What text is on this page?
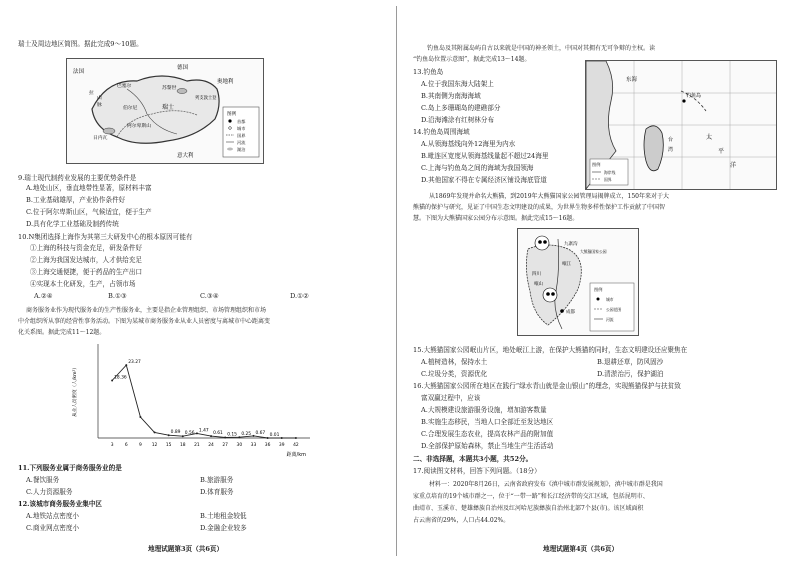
瑞士及周边地区简图。据此完成9～10题。
法国
德国
巴塞尔	苏黎世
瑞士
伯尔尼
日内瓦
意大利
列支敦士登
奥地利
阿尔卑斯山
山
脉
拉
图例
首都
城市
国界
河流
湖泊
9.瑞士现代制药业发展的主要优势条件是
A.地处山区，垂直地带性显著，原材料丰富
B.工业基础雄厚，产业协作条件好
C.位于阿尔卑斯山区，气候适宜，便于生产
D.具有化学工业基础及制药传统
10.N集团选择上海作为其第三大研发中心的根本原因可能有
①上海的科技与资金充足，研发条件好
②上海为我国发达城市，人才供给充足
③上海交通便捷，便于药品的生产出口
④实现本土化研发，生产，占领市场
A.②④	B.①③	C.③④	D.①②
商务服务业作为现代服务业的生产性服务业，主要是指企业管理组织、市场管理组织和市场
中介组织所从事的经营性事务活动。下图为某城市商务服务业从业人员密度与离城市中心距离变
化关系图。据此完成11～12题。
从业人员密度（人/km²）
3
18.36
6
23.27
9 12 15
0.89
18
0.56
21
1.47
24
0.61
27
0.15
30
0.25
33
0.67
36
0.01
39 42
距离/km
11.下列服务业属于商务服务业的是
A.餐饮服务	B.旅游服务
C.人力资源服务	D.体育服务
12.该城市商务服务业集中区
A.地铁站点密度小	B.土地租金较低
C.商业网点密度小	D.金融企业较多
地理试题第3页（共6页）
钓鱼岛及其附属岛屿自古以来就是中国的神圣领土，中国对其拥有无可争辩的主权。读
“钓鱼岛位置示意图”，据此完成13～14题。
13.钓鱼岛
A.位于我国东海大陆架上
B.其南侧为南海海域
C.岛上多珊瑚岛的建礁部分
D.沿海滩涂有红树林分布
14.钓鱼岛周围海域
A.从领海基线向外12海里为内水
B.毗连区宽度从领海基线量起不超过24海里
C.上海与钓鱼岛之间的海域为我国领海
D.其他国家不得在专属经济区铺设海底管道
钓鱼岛
台
湾
太
平
洋
东海
图例
海岸线
国界
从1869年发现并命名大熊猫，到2019年大熊猫国家公园管理局揭牌成立，150年来对于大
熊猫的保护与研究，见证了中国生态文明建设的成果，为世界生物多样性保护工作贡献了中国智
慧。下图为大熊猫国家公园分布示意图。据此完成15～16题。
九寨沟
岷江
四川
成都
岷山
大熊猫国家公园
图例
城市
公园范围
河流
15.大熊猫国家公园岷山片区，地处岷江上游，在保护大熊猫的同时，生态文明建设还应聚焦在
A.植树造林，保持水土	B.退耕还草，防风固沙
C.垃圾分类，资源优化	D.清淤治污，保护湖泊
16.大熊猫国家公园所在地区在践行“绿水青山就是金山银山”的理念，实现熊猫保护与扶贫致
富双赢过程中，应该
A.大规模建设旅游服务设施，增加游客数量
B.实施生态移民，当地人口全部迁至发达地区
C.合理发展生态农业，提高农林产品的附加值
D.全部保护原始森林，禁止当地生产生活活动
二、非选择题，本题共3小题，共52分。
17.阅读图文材料，回答下列问题。（18分）
材料一：2020年8月26日，云南省政府发布《滇中城市群发展规划》，滇中城市群是我国
家重点培育的19个城市群之一，位于“一带一路”和长江经济带的交汇区域，包括昆明市、
曲靖市、玉溪市、楚雄彝族自治州及红河哈尼族彝族自治州北部7个县(市)。该区域面积
占云南省的29%，人口占44.02%。
地理试题第4页（共6页）
